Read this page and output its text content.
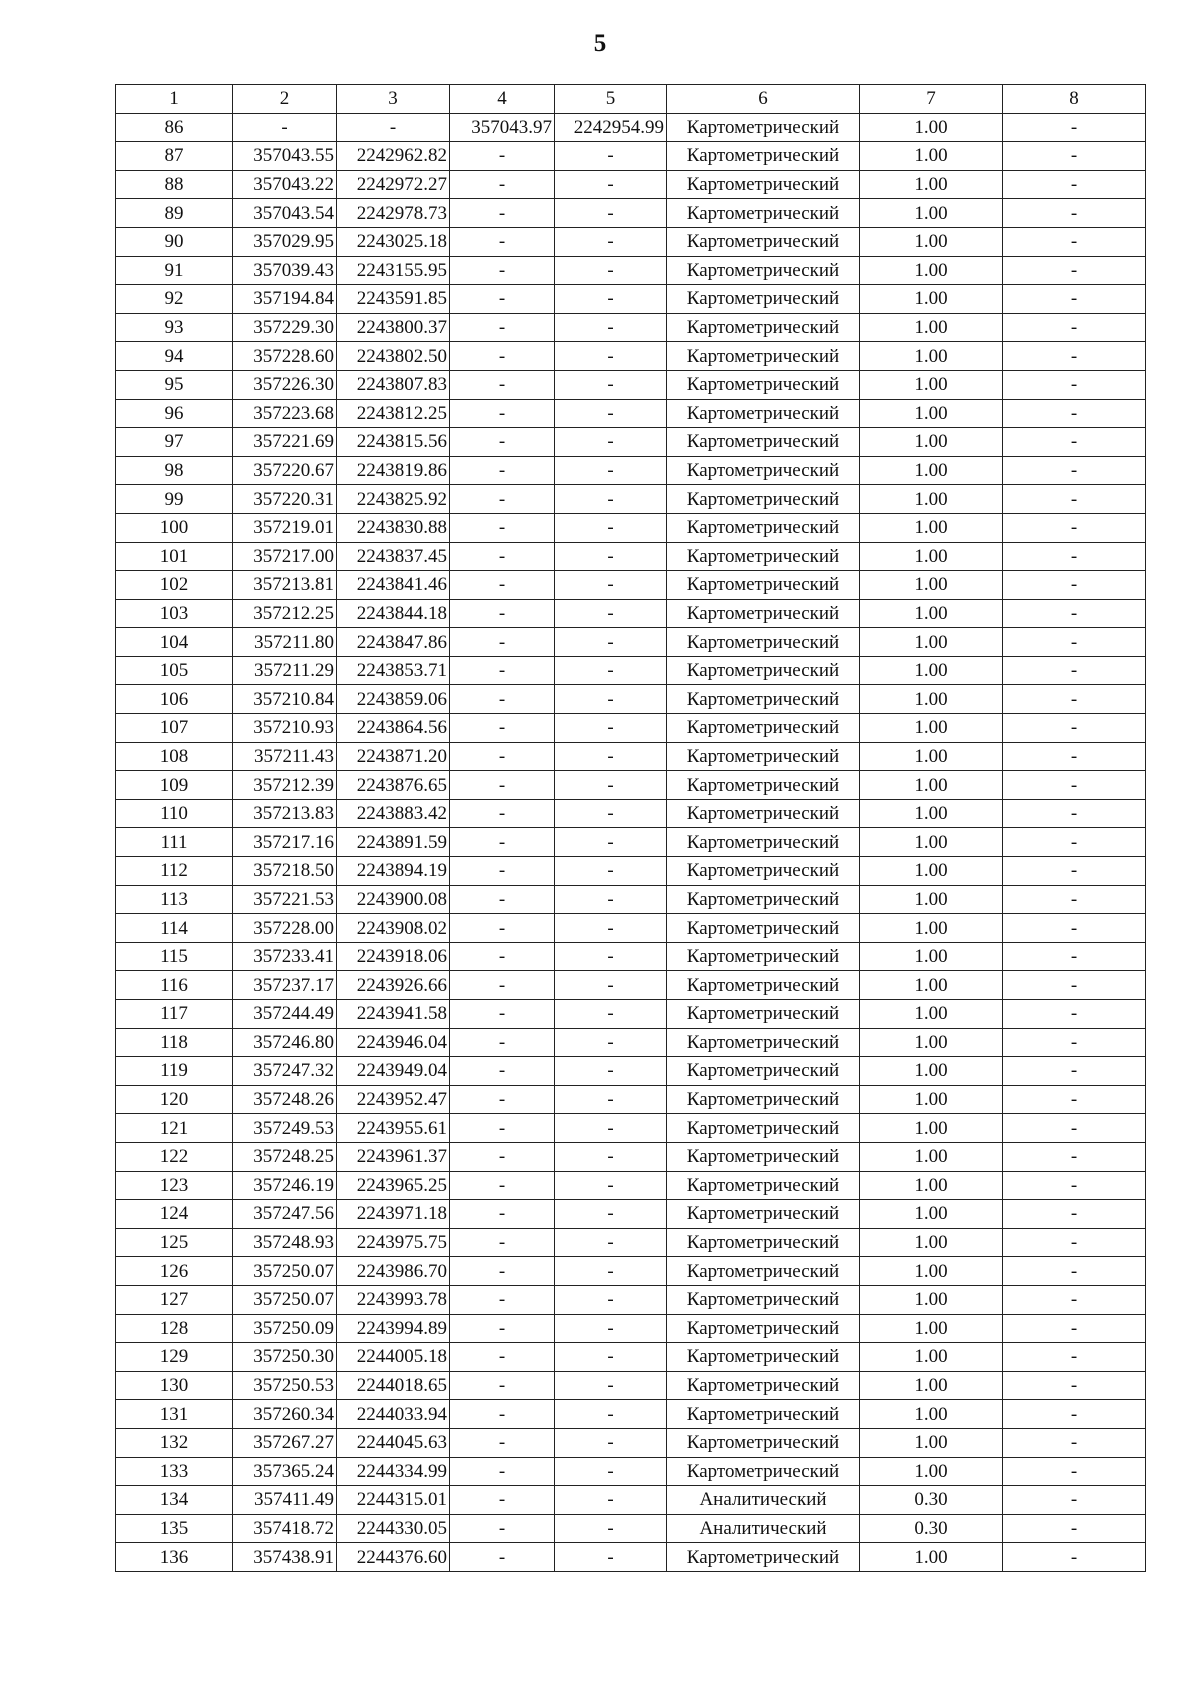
5
1	2	3	4	5	6	7	8
86	-	-	357043.97	2242954.99	Картометрический	1.00	-
87	357043.55	2242962.82	-	-	Картометрический	1.00	-
88	357043.22	2242972.27	-	-	Картометрический	1.00	-
89	357043.54	2242978.73	-	-	Картометрический	1.00	-
90	357029.95	2243025.18	-	-	Картометрический	1.00	-
91	357039.43	2243155.95	-	-	Картометрический	1.00	-
92	357194.84	2243591.85	-	-	Картометрический	1.00	-
93	357229.30	2243800.37	-	-	Картометрический	1.00	-
94	357228.60	2243802.50	-	-	Картометрический	1.00	-
95	357226.30	2243807.83	-	-	Картометрический	1.00	-
96	357223.68	2243812.25	-	-	Картометрический	1.00	-
97	357221.69	2243815.56	-	-	Картометрический	1.00	-
98	357220.67	2243819.86	-	-	Картометрический	1.00	-
99	357220.31	2243825.92	-	-	Картометрический	1.00	-
100	357219.01	2243830.88	-	-	Картометрический	1.00	-
101	357217.00	2243837.45	-	-	Картометрический	1.00	-
102	357213.81	2243841.46	-	-	Картометрический	1.00	-
103	357212.25	2243844.18	-	-	Картометрический	1.00	-
104	357211.80	2243847.86	-	-	Картометрический	1.00	-
105	357211.29	2243853.71	-	-	Картометрический	1.00	-
106	357210.84	2243859.06	-	-	Картометрический	1.00	-
107	357210.93	2243864.56	-	-	Картометрический	1.00	-
108	357211.43	2243871.20	-	-	Картометрический	1.00	-
109	357212.39	2243876.65	-	-	Картометрический	1.00	-
110	357213.83	2243883.42	-	-	Картометрический	1.00	-
111	357217.16	2243891.59	-	-	Картометрический	1.00	-
112	357218.50	2243894.19	-	-	Картометрический	1.00	-
113	357221.53	2243900.08	-	-	Картометрический	1.00	-
114	357228.00	2243908.02	-	-	Картометрический	1.00	-
115	357233.41	2243918.06	-	-	Картометрический	1.00	-
116	357237.17	2243926.66	-	-	Картометрический	1.00	-
117	357244.49	2243941.58	-	-	Картометрический	1.00	-
118	357246.80	2243946.04	-	-	Картометрический	1.00	-
119	357247.32	2243949.04	-	-	Картометрический	1.00	-
120	357248.26	2243952.47	-	-	Картометрический	1.00	-
121	357249.53	2243955.61	-	-	Картометрический	1.00	-
122	357248.25	2243961.37	-	-	Картометрический	1.00	-
123	357246.19	2243965.25	-	-	Картометрический	1.00	-
124	357247.56	2243971.18	-	-	Картометрический	1.00	-
125	357248.93	2243975.75	-	-	Картометрический	1.00	-
126	357250.07	2243986.70	-	-	Картометрический	1.00	-
127	357250.07	2243993.78	-	-	Картометрический	1.00	-
128	357250.09	2243994.89	-	-	Картометрический	1.00	-
129	357250.30	2244005.18	-	-	Картометрический	1.00	-
130	357250.53	2244018.65	-	-	Картометрический	1.00	-
131	357260.34	2244033.94	-	-	Картометрический	1.00	-
132	357267.27	2244045.63	-	-	Картометрический	1.00	-
133	357365.24	2244334.99	-	-	Картометрический	1.00	-
134	357411.49	2244315.01	-	-	Аналитический	0.30	-
135	357418.72	2244330.05	-	-	Аналитический	0.30	-
136	357438.91	2244376.60	-	-	Картометрический	1.00	-
